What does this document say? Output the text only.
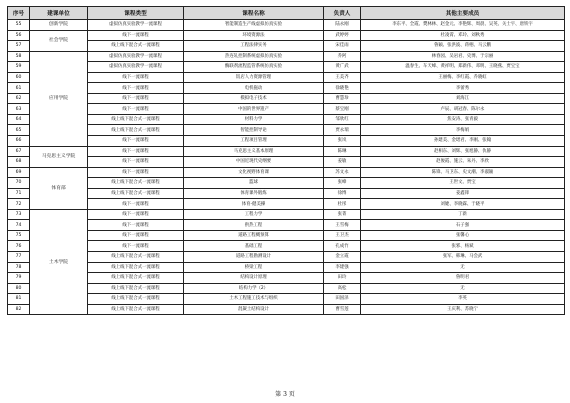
序号	建课单位	课程类型	课程名称	负责人	其他主要成员
55	创新学院	虚拟仿真实验教学一流课程	智能制造生产线虚拟仿真实验	陆永刚	李东平、全霞、樊林林、赵金元、李艳辉、周晨、吴英、关士宇、唐铁宇
56	社会学院	线下一流课程	环境资源法	武婷婷	杜凌霄、邓玲、刘秋秀
57		线上线下混合式一流课程	工程法律实务	宋佳雨	鲁颖、张洪波、蒋栩、马云鹏
58	应用学院	虚拟仿真实验教学一流课程	热连轧控制系统虚拟仿真实验	乔阿	林春园、吴岩君、史博、于宗丽
59		虚拟仿真实验教学一流课程	酶联剂流程监管系统仿真实验	黄广武	温春生、车天峰、黄祥明、郑新伟、邓明、王晓燕、贾宝宝
60		线下一流课程	饭店人力资源管理	王美齐	王丽梅、李红霞、乔晓虹
61		线下一流课程	电机拖动	徐晓艳	李蕾秀
62		线下一流课程	模拟电子技术	曹慧珍	刘海江
63		线下一流课程	中国的世界遗产	蔡宝刚	卢辰、胡冠春、陈尔永
64		线上线下混合式一流课程	材料力学	邹欣红	焦安涛、张青毅
65		线上线下混合式一流课程	智能控制导论	贾永瑞	李梅娟
66		线下一流课程	工程项目管理	张岚	孙建美、金珺君、李刚、张翰
67	马克思主义学院	线下一流课程	马克思主义基本原理	陈琳	赵相东、刘辉、张旭静、仇静
68		线下一流课程	中国近现代史纲要	姜敏	赵俊霞、施云、朱丹、李欣
69	体育部	线下一流课程	文化视野体育课	苏文永	陈锋、马卫东、史文潮、李淑颖
70		线上线下混合式一流课程	篮球	张峰	王世文、贾宝
71		线上线下混合式一流课程	体育课外锻炼	徐博	姜鑫锋
72		线下一流课程	体育-健美操	杜彤	刘婕、李晓霖、于晓平
73	土木学院	线下一流课程	工程力学	张菁	丁新
74		线下一流课程	供热工程	王雪梅	石子强
75		线下一流课程	道路工程概预算	王卫杰	张馨心
76		线下一流课程	基础工程	孔成竹	张邪、杨斌
77		线上线下混合式一流课程	道路工程勘测设计	金立霞	张军、韩琳、马会武
78		线上线下混合式一流课程	桥梁工程	李建强	无
79		线上线下混合式一流课程	结构设计原理	田玲	鲁明君
80		线上线下混合式一流课程	结构力学（2）	高松	无
81		线上线下混合式一流课程	土木工程施工技术与组织	田国泽	李英
82		线上线下混合式一流课程	混凝土结构设计	曹雪莲	王庆利、苏晓宁
第 3 页
